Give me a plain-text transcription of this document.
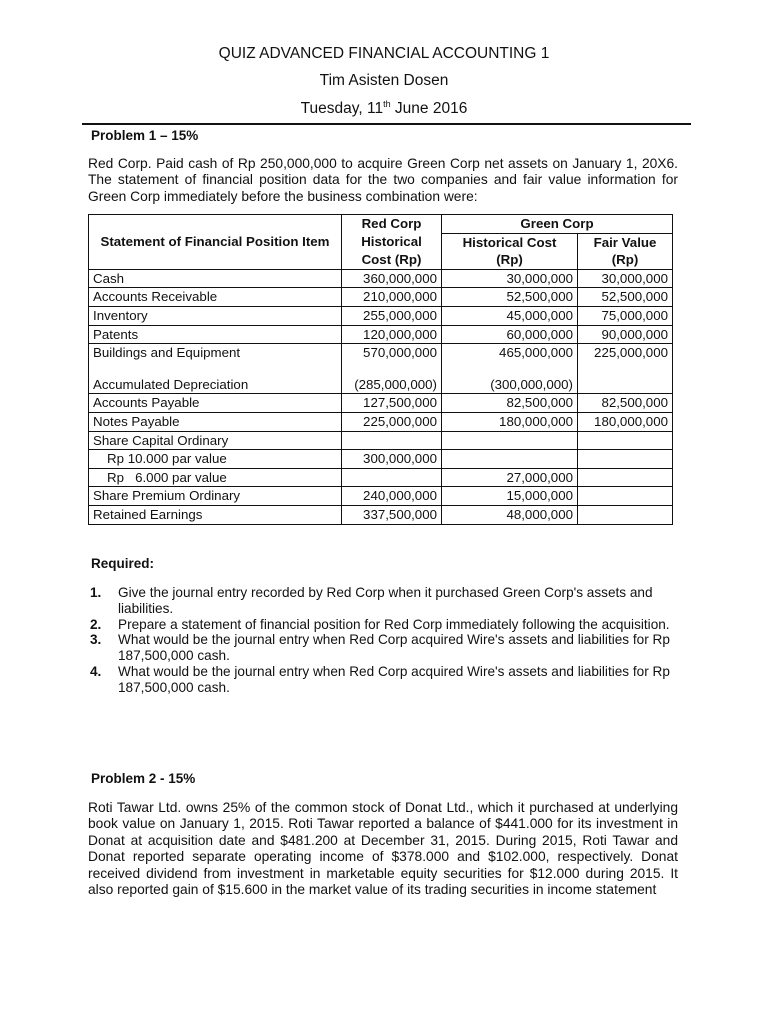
QUIZ ADVANCED FINANCIAL ACCOUNTING 1
Tim Asisten Dosen
Tuesday, 11th June 2016
Problem 1 – 15%
Red Corp. Paid cash of Rp 250,000,000 to acquire Green Corp net assets on January 1, 20X6. The statement of financial position data for the two companies and fair value information for Green Corp immediately before the business combination were:
Statement of Financial Position Item	Red Corp	Green Corp	
	Historical	Historical Cost	Fair Value
	Cost (Rp)	(Rp)	(Rp)
Cash	360,000,000	30,000,000	30,000,000
Accounts Receivable	210,000,000	52,500,000	52,500,000
Inventory	255,000,000	45,000,000	75,000,000
Patents	120,000,000	60,000,000	90,000,000
Buildings and Equipment	570,000,000	465,000,000	225,000,000

Accumulated Depreciation	(285,000,000)	(300,000,000)	
Accounts Payable	127,500,000	82,500,000	82,500,000
Notes Payable	225,000,000	180,000,000	180,000,000
Share Capital Ordinary			
Rp 10.000 par value	300,000,000		
Rp   6.000 par value		27,000,000	
Share Premium Ordinary	240,000,000	15,000,000	
Retained Earnings	337,500,000	48,000,000	
Required:
1. Give the journal entry recorded by Red Corp when it purchased Green Corp's assets and liabilities.
2. Prepare a statement of financial position for Red Corp immediately following the acquisition.
3. What would be the journal entry when Red Corp acquired Wire's assets and liabilities for Rp 187,500,000 cash.
4. What would be the journal entry when Red Corp acquired Wire's assets and liabilities for Rp 187,500,000 cash.
Problem 2 - 15%
Roti Tawar Ltd. owns 25% of the common stock of Donat Ltd., which it purchased at underlying book value on January 1, 2015. Roti Tawar reported a balance of $441.000 for its investment in Donat at acquisition date and $481.200 at December 31, 2015. During 2015, Roti Tawar and Donat reported separate operating income of $378.000 and $102.000, respectively. Donat received dividend from investment in marketable equity securities for $12.000 during 2015. It also reported gain of $15.600 in the market value of its trading securities in income statement
